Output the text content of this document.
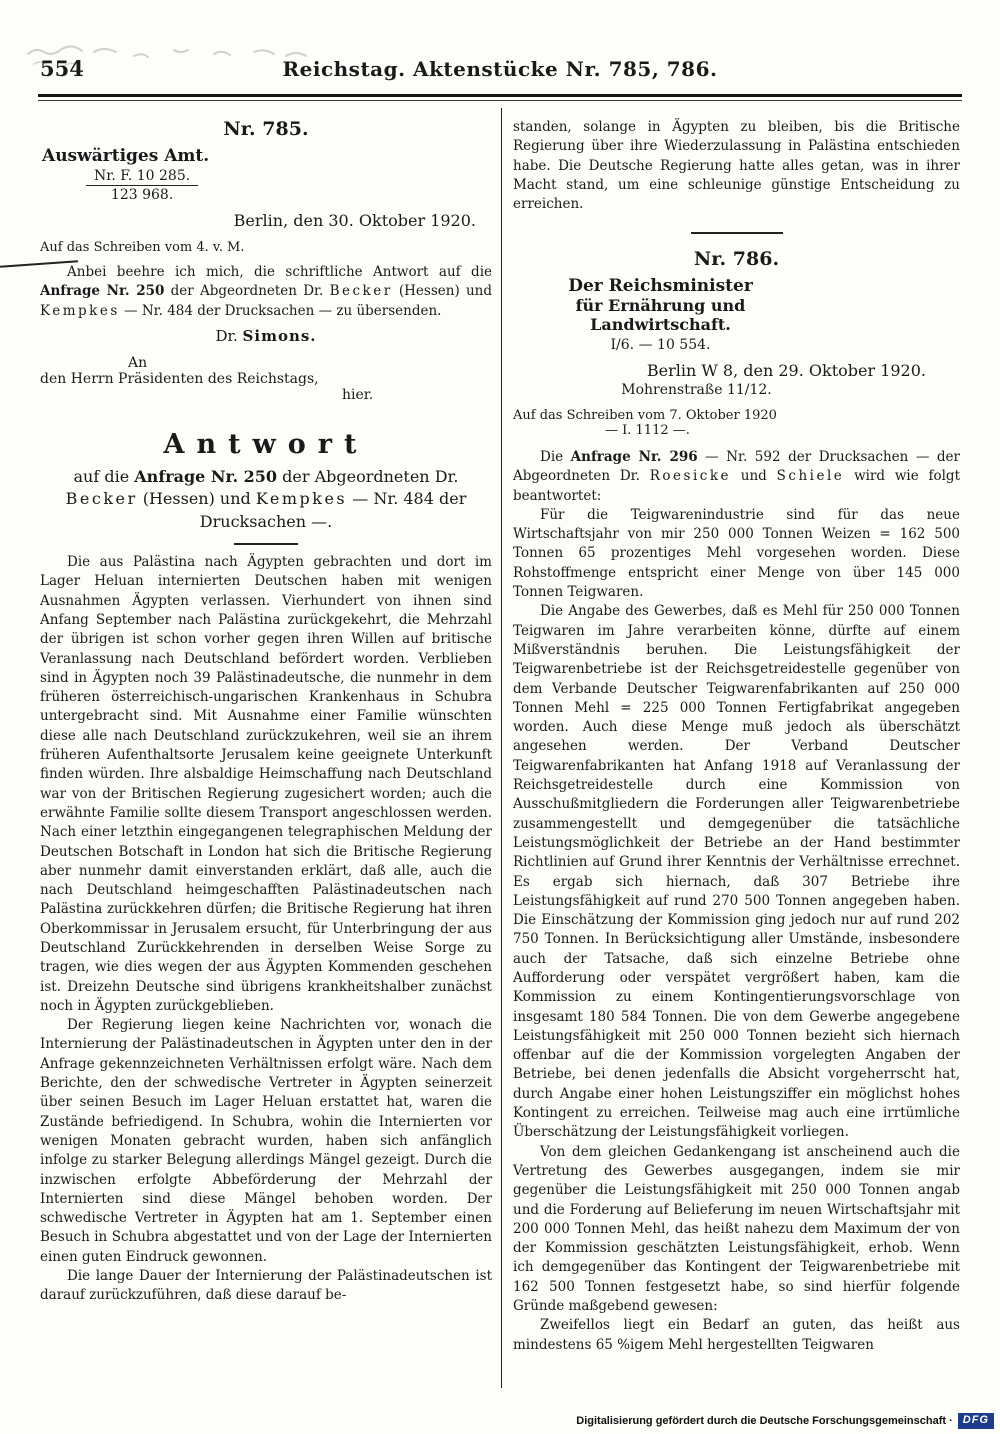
554	Reichstag. Aktenstücke Nr. 785, 786.
Nr. 785.
Auswärtiges Amt.
Nr. F. 10 285.
123 968.
Berlin, den 30. Oktober 1920.
Auf das Schreiben vom 4. v. M.

Anbei beehre ich mich, die schriftliche Antwort auf die Anfrage Nr. 250 der Abgeordneten Dr. Becker (Hessen) und Kempkes — Nr. 484 der Drucksachen — zu übersenden.

Dr. Simons.
An
den Herrn Präsidenten des Reichstags,
hier.
Antwort
auf die Anfrage Nr. 250 der Abgeordneten Dr. Becker (Hessen) und Kempkes — Nr. 484 der Drucksachen —.

Die aus Palästina nach Ägypten gebrachten und dort im Lager Heluan internierten Deutschen haben mit wenigen Ausnahmen Ägypten verlassen. Vierhundert von ihnen sind Anfang September nach Palästina zurückgekehrt, die Mehrzahl der übrigen ist schon vorher gegen ihren Willen auf britische Veranlassung nach Deutschland befördert worden. Verblieben sind in Ägypten noch 39 Palästinadeutsche, die nunmehr in dem früheren österreichisch-ungarischen Krankenhaus in Schubra untergebracht sind. Mit Ausnahme einer Familie wünschten diese alle nach Deutschland zurückzukehren, weil sie an ihrem früheren Aufenthaltsorte Jerusalem keine geeignete Unterkunft finden würden. Ihre alsbaldige Heimschaffung nach Deutschland war von der Britischen Regierung zugesichert worden; auch die erwähnte Familie sollte diesem Transport angeschlossen werden. Nach einer letzthin eingegangenen telegraphischen Meldung der Deutschen Botschaft in London hat sich die Britische Regierung aber nunmehr damit einverstanden erklärt, daß alle, auch die nach Deutschland heimgeschafften Palästinadeutschen nach Palästina zurückkehren dürfen; die Britische Regierung hat ihren Oberkommissar in Jerusalem ersucht, für Unterbringung der aus Deutschland Zurückkehrenden in derselben Weise Sorge zu tragen, wie dies wegen der aus Ägypten Kommenden geschehen ist. Dreizehn Deutsche sind übrigens krankheitshalber zunächst noch in Ägypten zurückgeblieben.

Der Regierung liegen keine Nachrichten vor, wonach die Internierung der Palästinadeutschen in Ägypten unter den in der Anfrage gekennzeichneten Verhältnissen erfolgt wäre. Nach dem Berichte, den der schwedische Vertreter in Ägypten seinerzeit über seinen Besuch im Lager Heluan erstattet hat, waren die Zustände befriedigend. In Schubra, wohin die Internierten vor wenigen Monaten gebracht wurden, haben sich anfänglich infolge zu starker Belegung allerdings Mängel gezeigt. Durch die inzwischen erfolgte Abbeförderung der Mehrzahl der Internierten sind diese Mängel behoben worden. Der schwedische Vertreter in Ägypten hat am 1. September einen Besuch in Schubra abgestattet und von der Lage der Internierten einen guten Eindruck gewonnen.

Die lange Dauer der Internierung der Palästinadeutschen ist darauf zurückzuführen, daß diese darauf be-

standen, solange in Ägypten zu bleiben, bis die Britische Regierung über ihre Wiederzulassung in Palästina entschieden habe. Die Deutsche Regierung hatte alles getan, was in ihrer Macht stand, um eine schleunige günstige Entscheidung zu erreichen.

Nr. 786.
Der Reichsminister
für Ernährung und Landwirtschaft.
I/6. — 10 554.
Berlin W 8, den 29. Oktober 1920.
Mohrenstraße 11/12.
Auf das Schreiben vom 7. Oktober 1920
— I. 1112 —.

Die Anfrage Nr. 296 — Nr. 592 der Drucksachen — der Abgeordneten Dr. Roesicke und Schiele wird wie folgt beantwortet:

Für die Teigwarenindustrie sind für das neue Wirtschaftsjahr von mir 250 000 Tonnen Weizen = 162 500 Tonnen 65 prozentiges Mehl vorgesehen worden. Diese Rohstoffmenge entspricht einer Menge von über 145 000 Tonnen Teigwaren.

Die Angabe des Gewerbes, daß es Mehl für 250 000 Tonnen Teigwaren im Jahre verarbeiten könne, dürfte auf einem Mißverständnis beruhen. Die Leistungsfähigkeit der Teigwarenbetriebe ist der Reichsgetreidestelle gegenüber von dem Verbande Deutscher Teigwarenfabrikanten auf 250 000 Tonnen Mehl = 225 000 Tonnen Fertigfabrikat angegeben worden. Auch diese Menge muß jedoch als überschätzt angesehen werden. Der Verband Deutscher Teigwarenfabrikanten hat Anfang 1918 auf Veranlassung der Reichsgetreidestelle durch eine Kommission von Ausschußmitgliedern die Forderungen aller Teigwarenbetriebe zusammengestellt und demgegenüber die tatsächliche Leistungsmöglichkeit der Betriebe an der Hand bestimmter Richtlinien auf Grund ihrer Kenntnis der Verhältnisse errechnet. Es ergab sich hiernach, daß 307 Betriebe ihre Leistungsfähigkeit auf rund 270 500 Tonnen angegeben haben. Die Einschätzung der Kommission ging jedoch nur auf rund 202 750 Tonnen. In Berücksichtigung aller Umstände, insbesondere auch der Tatsache, daß sich einzelne Betriebe ohne Aufforderung oder verspätet vergrößert haben, kam die Kommission zu einem Kontingentierungsvorschlage von insgesamt 180 584 Tonnen. Die von dem Gewerbe angegebene Leistungsfähigkeit mit 250 000 Tonnen bezieht sich hiernach offenbar auf die der Kommission vorgelegten Angaben der Betriebe, bei denen jedenfalls die Absicht vorgeherrscht hat, durch Angabe einer hohen Leistungsziffer ein möglichst hohes Kontingent zu erreichen. Teilweise mag auch eine irrtümliche Überschätzung der Leistungsfähigkeit vorliegen.

Von dem gleichen Gedankengang ist anscheinend auch die Vertretung des Gewerbes ausgegangen, indem sie mir gegenüber die Leistungsfähigkeit mit 250 000 Tonnen angab und die Forderung auf Belieferung im neuen Wirtschaftsjahr mit 200 000 Tonnen Mehl, das heißt nahezu dem Maximum der von der Kommission geschätzten Leistungsfähigkeit, erhob. Wenn ich demgegenüber das Kontingent der Teigwarenbetriebe mit 162 500 Tonnen festgesetzt habe, so sind hierfür folgende Gründe maßgebend gewesen:

Zweifellos liegt ein Bedarf an guten, das heißt aus mindestens 65 %igem Mehl hergestellten Teigwaren

Digitalisierung gefördert durch die Deutsche Forschungsgemeinschaft · DFG
